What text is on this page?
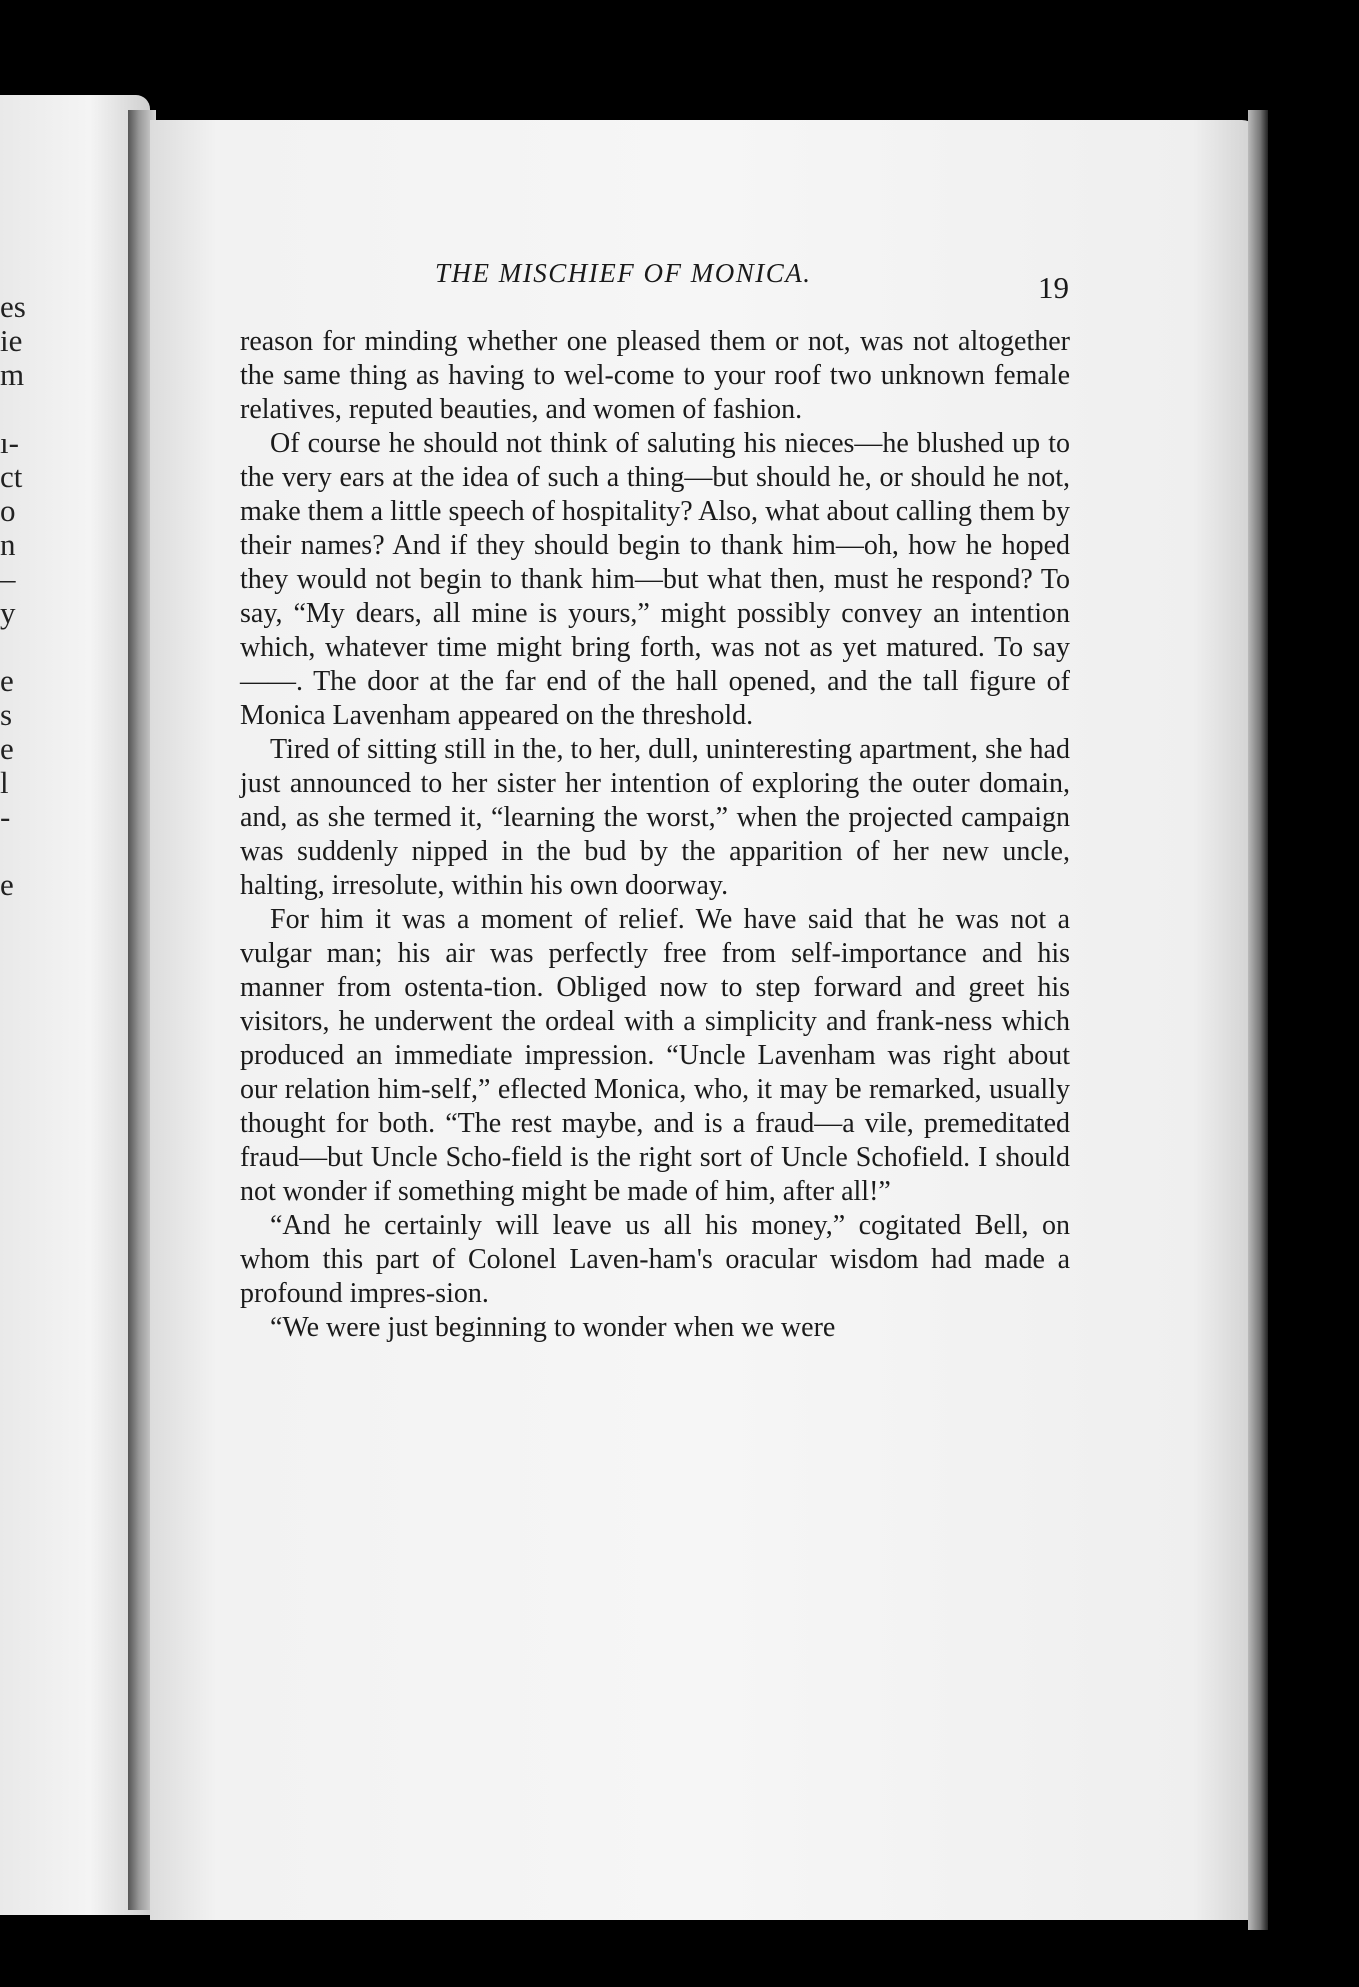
es
ie
m
ı-
ct
o
n
–
y
e
s
e
l
-
e
THE MISCHIEF OF MONICA.	19

reason for minding whether one pleased them or not, was not altogether the same thing as having to wel-come to your roof two unknown female relatives, reputed beauties, and women of fashion.

Of course he should not think of saluting his nieces—he blushed up to the very ears at the idea of such a thing—but should he, or should he not, make them a little speech of hospitality? Also, what about calling them by their names? And if they should begin to thank him—oh, how he hoped they would not begin to thank him—but what then, must he respond? To say, “My dears, all mine is yours,” might possibly convey an intention which, whatever time might bring forth, was not as yet matured. To say——. The door at the far end of the hall opened, and the tall figure of Monica Lavenham appeared on the threshold.

Tired of sitting still in the, to her, dull, uninteresting apartment, she had just announced to her sister her intention of exploring the outer domain, and, as she termed it, “learning the worst,” when the projected campaign was suddenly nipped in the bud by the apparition of her new uncle, halting, irresolute, within his own doorway.

For him it was a moment of relief. We have said that he was not a vulgar man; his air was perfectly free from self-importance and his manner from ostenta-tion. Obliged now to step forward and greet his visitors, he underwent the ordeal with a simplicity and frank-ness which produced an immediate impression. “Uncle Lavenham was right about our relation him-self,” eflected Monica, who, it may be remarked, usually thought for both. “The rest maybe, and is a fraud—a vile, premeditated fraud—but Uncle Scho-field is the right sort of Uncle Schofield. I should not wonder if something might be made of him, after all!”

“And he certainly will leave us all his money,” cogitated Bell, on whom this part of Colonel Laven-ham's oracular wisdom had made a profound impres-sion.

“We were just beginning to wonder when we were
